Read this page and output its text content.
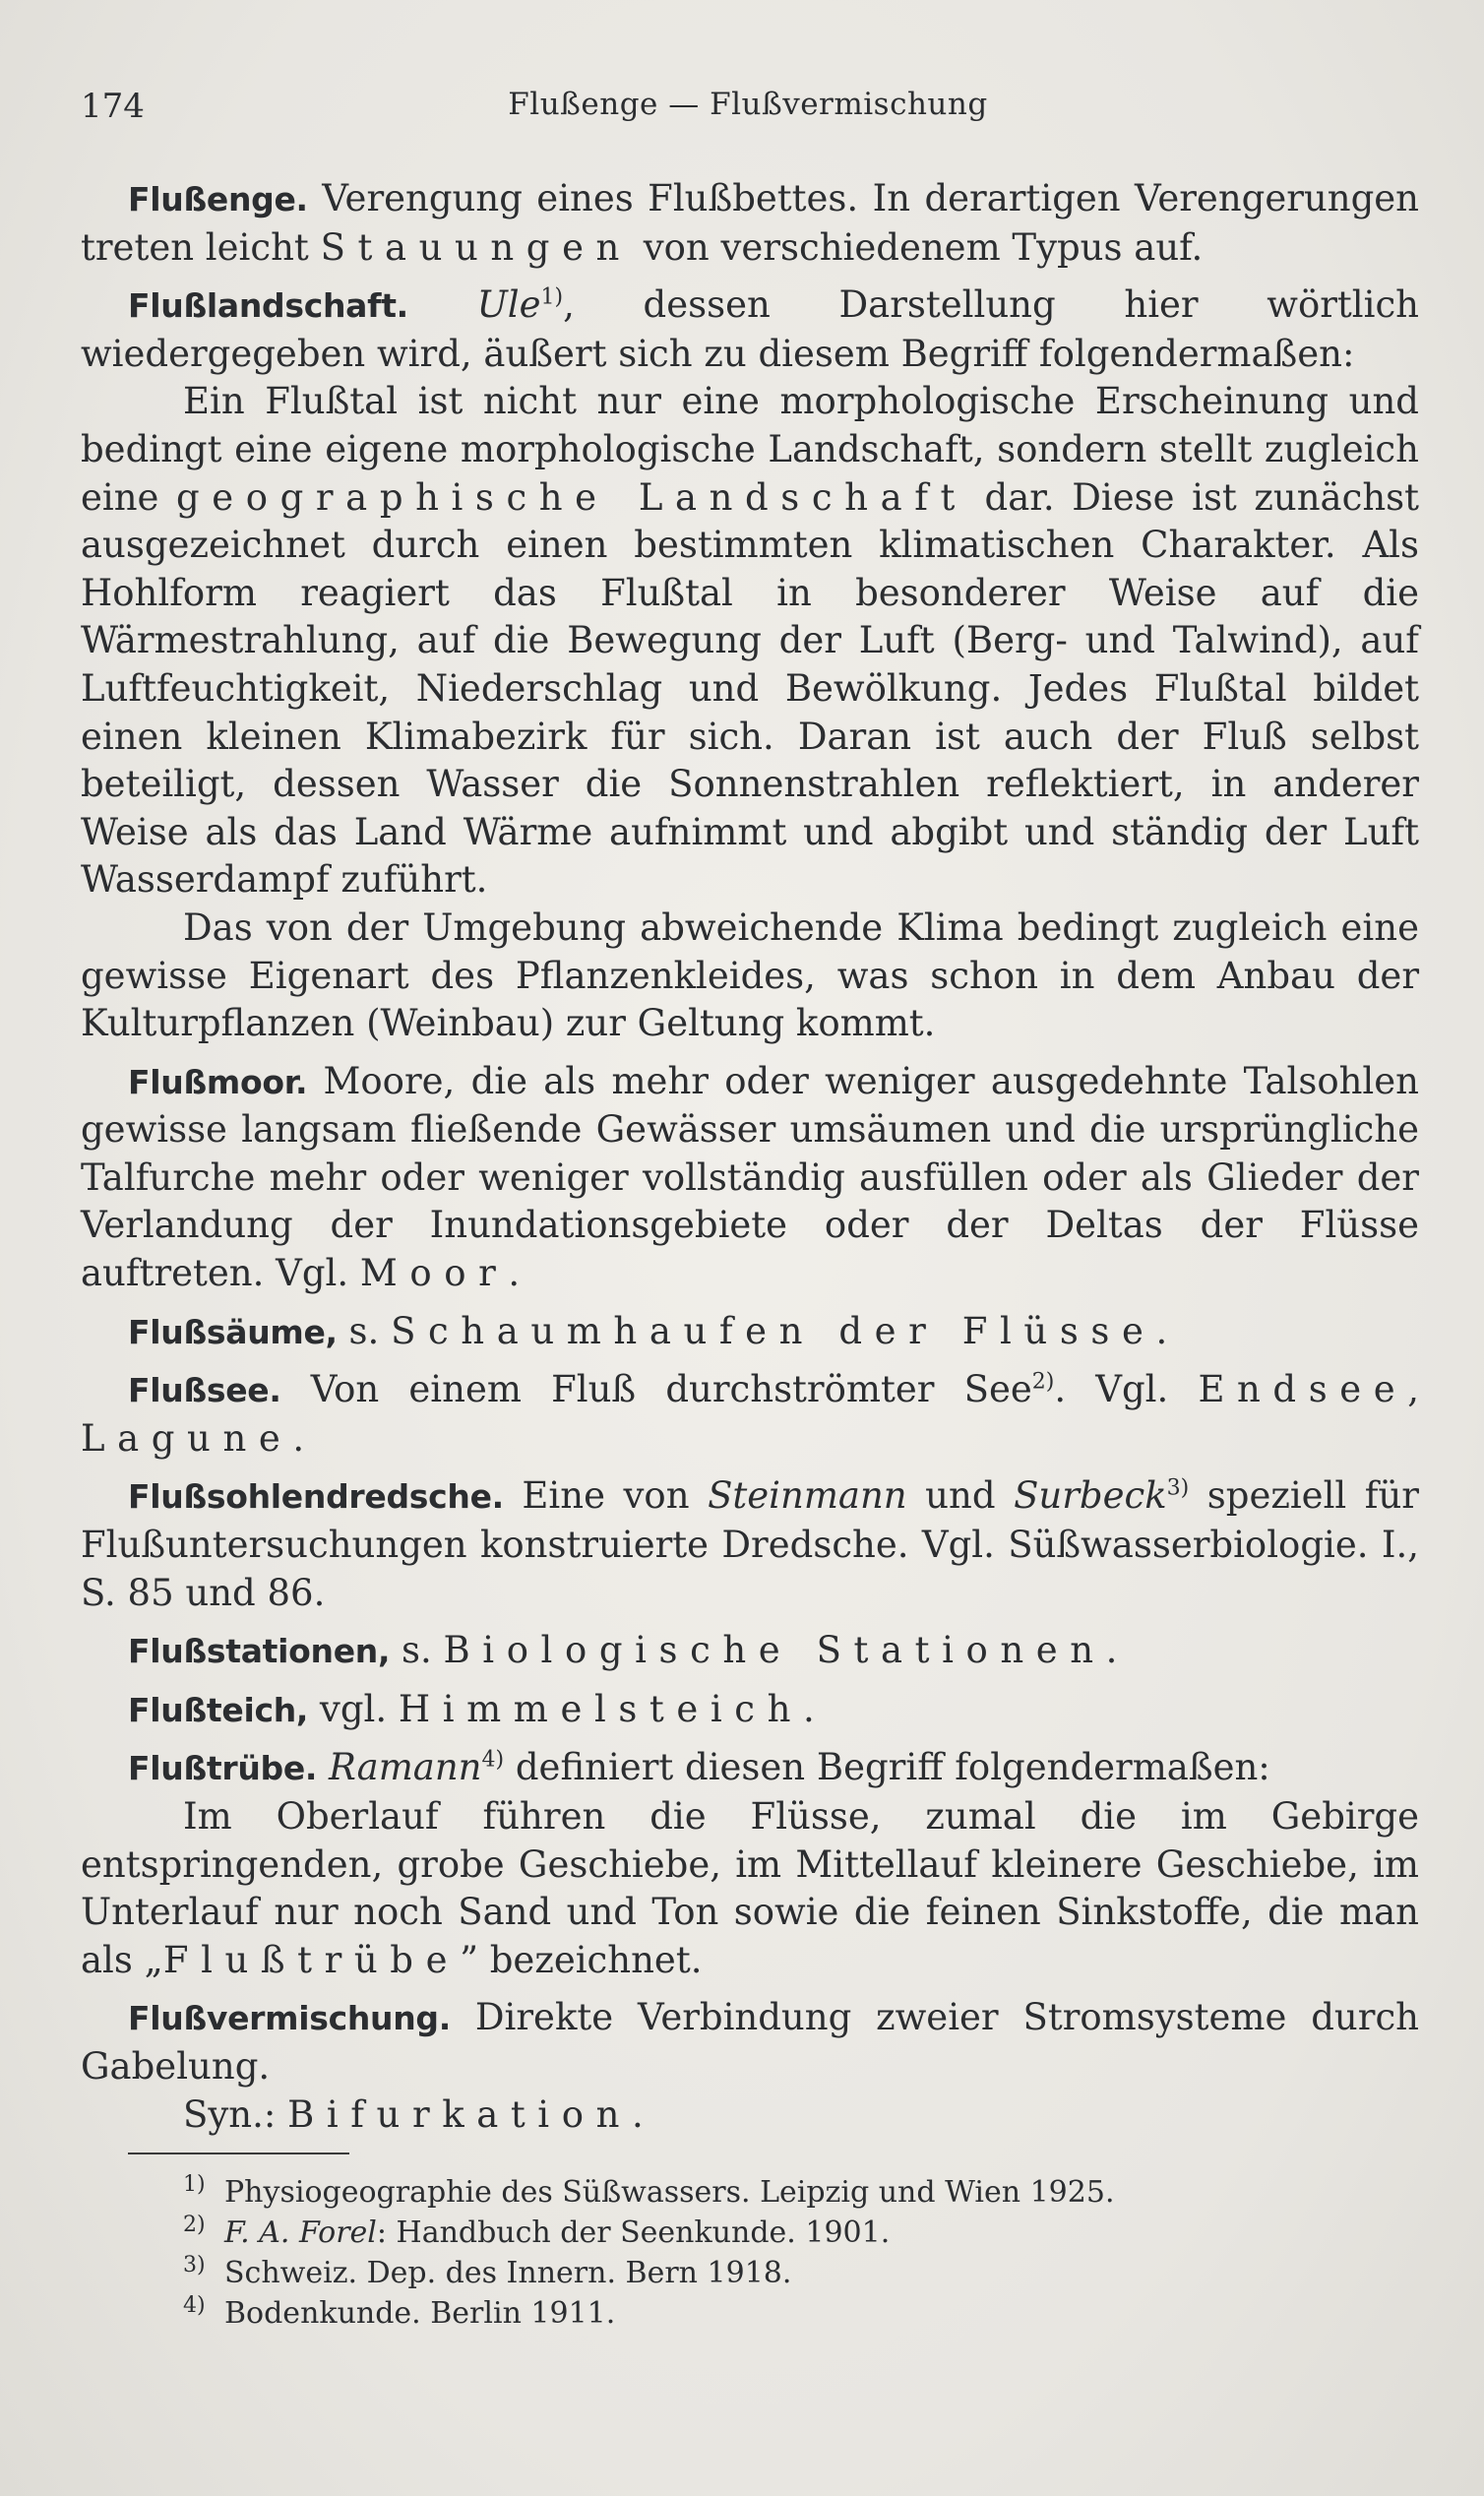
174	Flußenge — Flußvermischung

Flußenge. Verengung eines Flußbettes. In derartigen Verengerungen treten leicht Stauungen von verschiedenem Typus auf.

Flußlandschaft. Ule$^{1)}$, dessen Darstellung hier wörtlich wiedergegeben wird, äußert sich zu diesem Begriff folgendermaßen:

Ein Flußtal ist nicht nur eine morphologische Erscheinung und bedingt eine eigene morphologische Landschaft, sondern stellt zugleich eine geographische Landschaft dar. Diese ist zunächst ausgezeichnet durch einen bestimmten klimatischen Charakter. Als Hohlform reagiert das Flußtal in besonderer Weise auf die Wärmestrahlung, auf die Bewegung der Luft (Berg- und Talwind), auf Luftfeuchtigkeit, Niederschlag und Bewölkung. Jedes Flußtal bildet einen kleinen Klimabezirk für sich. Daran ist auch der Fluß selbst beteiligt, dessen Wasser die Sonnenstrahlen reflektiert, in anderer Weise als das Land Wärme aufnimmt und abgibt und ständig der Luft Wasserdampf zuführt.

Das von der Umgebung abweichende Klima bedingt zugleich eine gewisse Eigenart des Pflanzenkleides, was schon in dem Anbau der Kulturpflanzen (Weinbau) zur Geltung kommt.

Flußmoor. Moore, die als mehr oder weniger ausgedehnte Talsohlen gewisse langsam fließende Gewässer umsäumen und die ursprüngliche Talfurche mehr oder weniger vollständig ausfüllen oder als Glieder der Verlandung der Inundationsgebiete oder der Deltas der Flüsse auftreten. Vgl. Moor.

Flußsäume, s. Schaumhaufen der Flüsse.

Flußsee. Von einem Fluß durchströmter See$^{2)}$. Vgl. Endsee, Lagune.

Flußsohlendredsche. Eine von Steinmann und Surbeck$^{3)}$ speziell für Flußuntersuchungen konstruierte Dredsche. Vgl. Süßwasserbiologie. I., S. 85 und 86.

Flußstationen, s. Biologische Stationen.

Flußteich, vgl. Himmelsteich.

Flußtrübe. Ramann$^{4)}$ definiert diesen Begriff folgendermaßen:

Im Oberlauf führen die Flüsse, zumal die im Gebirge entspringenden, grobe Geschiebe, im Mittellauf kleinere Geschiebe, im Unterlauf nur noch Sand und Ton sowie die feinen Sinkstoffe, die man als „Flußtrübe” bezeichnet.

Flußvermischung. Direkte Verbindung zweier Stromsysteme durch Gabelung.

Syn.: Bifurkation.

1) Physiogeographie des Süßwassers. Leipzig und Wien 1925.
2) F. A. Forel: Handbuch der Seenkunde. 1901.
3) Schweiz. Dep. des Innern. Bern 1918.
4) Bodenkunde. Berlin 1911.
